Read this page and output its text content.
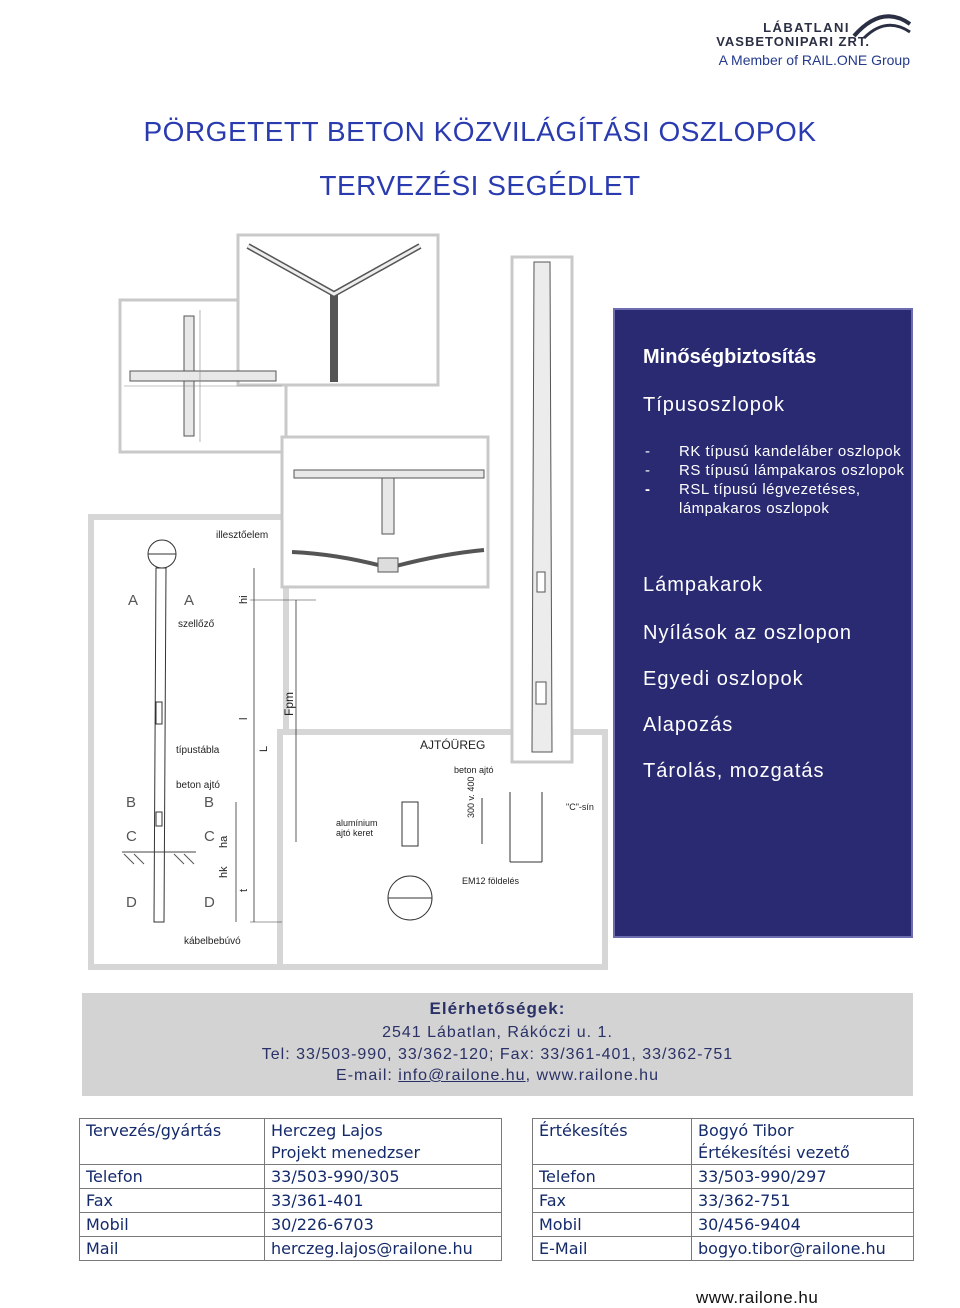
LÁBATLANI
VASBETONIPARI ZRT.
A Member of RAIL.ONE Group
PÖRGETETT BETON KÖZVILÁGÍTÁSI OSZLOPOK
TERVEZÉSI SEGÉDLET
illesztőelem
szellőző
típustábla
beton ajtó
kábelbebúvó
AJTÓÜREG
beton ajtó
alumínium
ajtó keret
"C"-sín
EM12 földelés
300 v. 400
Fpm
L
l
hi
ha
hk
t
A	A
B	B
C	C
D	D
Minőségbiztosítás
Típusoszlopok
- RK típusú kandeláber oszlopok
- RS típusú lámpakaros oszlopok
- RSL típusú légvezetéses, lámpakaros oszlopok
Lámpakarok
Nyílások az oszlopon
Egyedi oszlopok
Alapozás
Tárolás, mozgatás
Elérhetőségek:
2541 Lábatlan, Rákóczi u. 1.
Tel: 33/503-990, 33/362-120; Fax: 33/361-401, 33/362-751
E-mail: info@railone.hu, www.railone.hu
Tervezés/gyártás	Herczeg Lajos		Értékesítés	Bogyó Tibor
	Projekt menedzser			Értékesítési vezető
Telefon	33/503-990/305		Telefon	33/503-990/297
Fax	33/361-401		Fax	33/362-751
Mobil	30/226-6703		Mobil	30/456-9404
Mail	herczeg.lajos@railone.hu		E-Mail	bogyo.tibor@railone.hu
www.railone.hu
